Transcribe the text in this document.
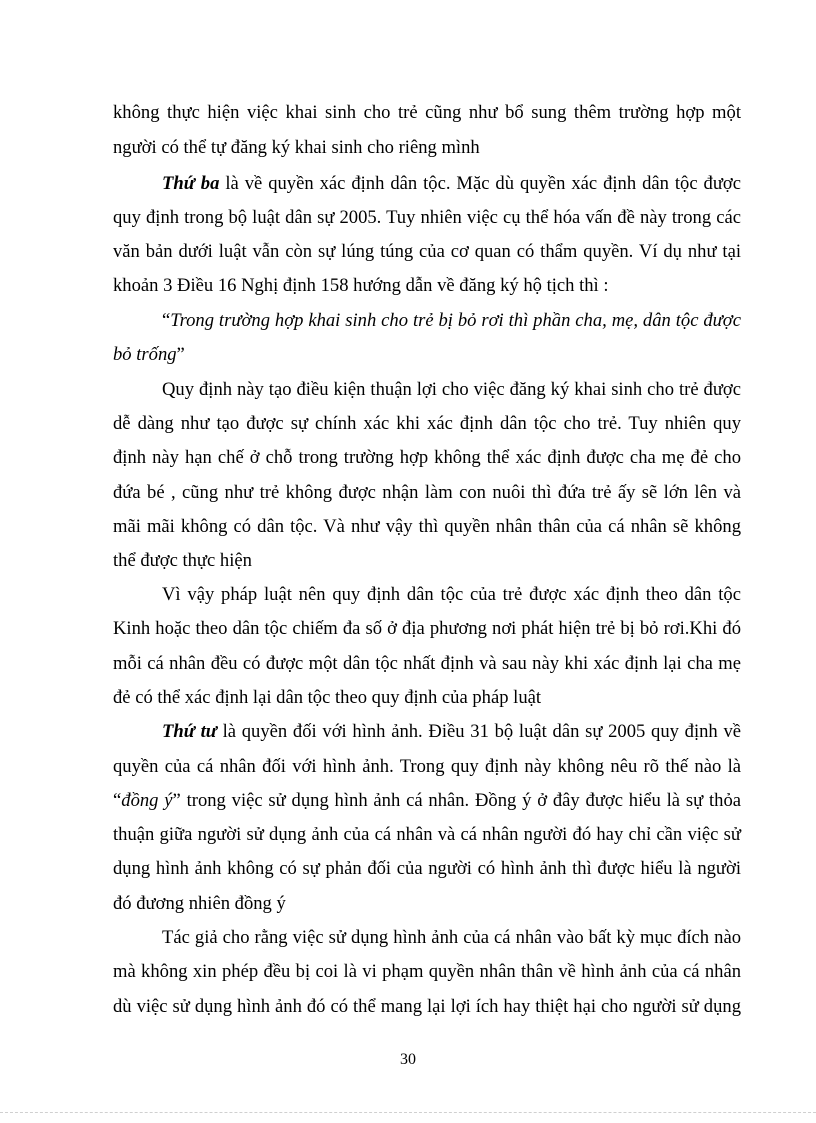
không thực hiện việc khai sinh cho trẻ cũng như bổ sung thêm trường hợp một
người có thể tự đăng ký khai sinh cho riêng mình
Thứ ba là về quyền xác định dân tộc. Mặc dù quyền xác định dân tộc được
quy định trong bộ luật dân sự 2005. Tuy nhiên việc cụ thể hóa vấn đề này trong các
văn bản dưới luật vẫn còn sự lúng túng của cơ quan có thẩm quyền. Ví dụ như tại
khoản 3 Điều 16 Nghị định 158 hướng dẫn về đăng ký hộ tịch thì :
“Trong trường hợp khai sinh cho trẻ bị bỏ rơi thì phần cha, mẹ, dân tộc được
bỏ trống”
Quy định này tạo điều kiện thuận lợi cho việc đăng ký khai sinh cho trẻ được
dễ dàng như tạo được sự chính xác khi xác định dân tộc cho trẻ. Tuy nhiên quy
định này hạn chế ở chỗ trong trường hợp không thể xác định được cha mẹ đẻ cho
đứa bé , cũng như trẻ không được nhận làm con nuôi thì đứa trẻ ấy sẽ lớn lên và
mãi mãi không có dân tộc. Và như vậy thì quyền nhân thân của cá nhân sẽ không
thể được thực hiện
Vì vậy pháp luật nên quy định dân tộc của trẻ được xác định theo dân tộc
Kinh hoặc theo dân tộc chiếm đa số ở địa phương nơi phát hiện trẻ bị bỏ rơi.Khi đó
mỗi cá nhân đều có được một dân tộc nhất định và sau này khi xác định lại cha mẹ
đẻ có thể xác định lại dân tộc theo quy định của pháp luật
Thứ tư là quyền đối với hình ảnh. Điều 31 bộ luật dân sự 2005 quy định về
quyền của cá nhân đối với hình ảnh. Trong quy định này không nêu rõ thế nào là
“đồng ý” trong việc sử dụng hình ảnh cá nhân. Đồng ý ở đây được hiểu là sự thỏa
thuận giữa người sử dụng ảnh của cá nhân và cá nhân người đó hay chỉ cần việc sử
dụng hình ảnh không có sự phản đối của người có hình ảnh thì được hiểu là người
đó đương nhiên đồng ý
Tác giả cho rằng việc sử dụng hình ảnh của cá nhân vào bất kỳ mục đích nào
mà không xin phép đều bị coi là vi phạm quyền nhân thân về hình ảnh của cá nhân
dù việc sử dụng hình ảnh đó có thể mang lại lợi ích hay thiệt hại cho người sử dụng
30
